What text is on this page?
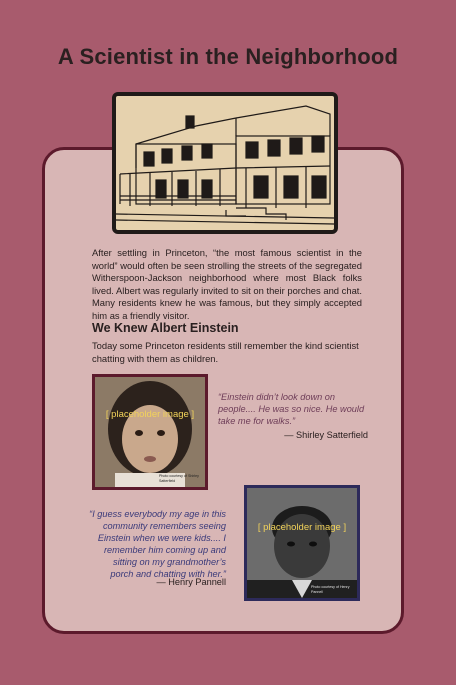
A Scientist in the Neighborhood
After settling in Princeton, “the most famous scientist in the world” would often be seen strolling the streets of the segregated Witherspoon-Jackson neighborhood where most Black folks lived. Albert was regularly invited to sit on their porches and chat. Many residents knew he was famous, but they simply accepted him as a friendly visitor.
We Knew Albert Einstein
Today some Princeton residents still remember the kind scientist chatting with them as children.
[ placeholder image ]
Photo courtesy of Shirley Satterfield
“Einstein didn’t look down on people.... He was so nice. He would take me for walks.”
— Shirley Satterfield
“I guess everybody my age in this community remembers seeing Einstein when we were kids.... I remember him coming up and sitting on my grandmother’s porch and chatting with her.”
— Henry Pannell
[ placeholder image ]
Photo courtesy of Henry Pannell
